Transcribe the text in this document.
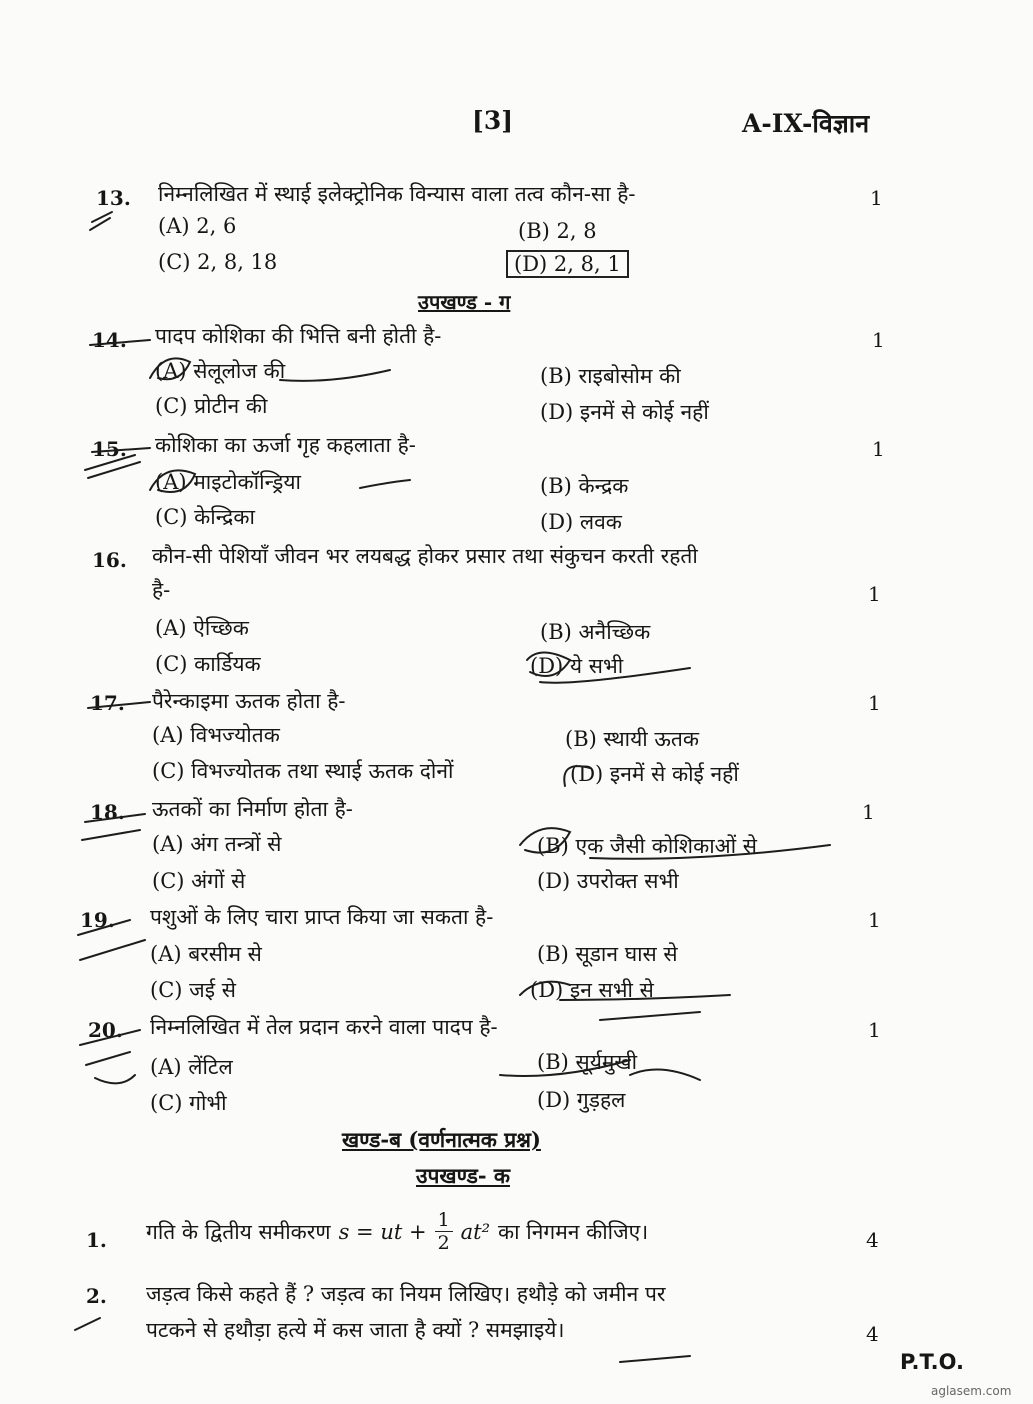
[3]	A-IX-विज्ञान
13. निम्नलिखित में स्थाई इलेक्ट्रोनिक विन्यास वाला तत्व कौन-सा है-	1
(A) 2, 6	(B) 2, 8
(C) 2, 8, 18	(D) 2, 8, 1
उपखण्ड - ग
14. पादप कोशिका की भित्ति बनी होती है-	1
(A) सेलूलोज की	(B) राइबोसोम की
(C) प्रोटीन की	(D) इनमें से कोई नहीं
15. कोशिका का ऊर्जा गृह कहलाता है-	1
(A) माइटोकॉन्ड्रिया	(B) केन्द्रक
(C) केन्द्रिका	(D) लवक
16. कौन-सी पेशियाँ जीवन भर लयबद्ध होकर प्रसार तथा संकुचन करती रहती
है-	1
(A) ऐच्छिक	(B) अनैच्छिक
(C) कार्डियक	(D) ये सभी
17. पैरेन्काइमा ऊतक होता है-	1
(A) विभज्योतक	(B) स्थायी ऊतक
(C) विभज्योतक तथा स्थाई ऊतक दोनों	(D) इनमें से कोई नहीं
18. ऊतकों का निर्माण होता है-	1
(A) अंग तन्त्रों से	(B) एक जैसी कोशिकाओं से
(C) अंगों से	(D) उपरोक्त सभी
19. पशुओं के लिए चारा प्राप्त किया जा सकता है-	1
(A) बरसीम से	(B) सूडान घास से
(C) जई से	(D) इन सभी से
20. निम्नलिखित में तेल प्रदान करने वाला पादप है-	1
(A) लेंटिल	(B) सूर्यमुखी
(C) गोभी	(D) गुड़हल
खण्ड-ब (वर्णनात्मक प्रश्न)
उपखण्ड- क
1. गति के द्वितीय समीकरण s = ut + $\frac{1}{2} at^2$ का निगमन कीजिए।	4
2. जड़त्व किसे कहते हैं ? जड़त्व का नियम लिखिए। हथौड़े को जमीन पर
पटकने से हथौड़ा हत्ये में कस जाता है क्यों ? समझाइये।	4
P.T.O.
aglasem.com
